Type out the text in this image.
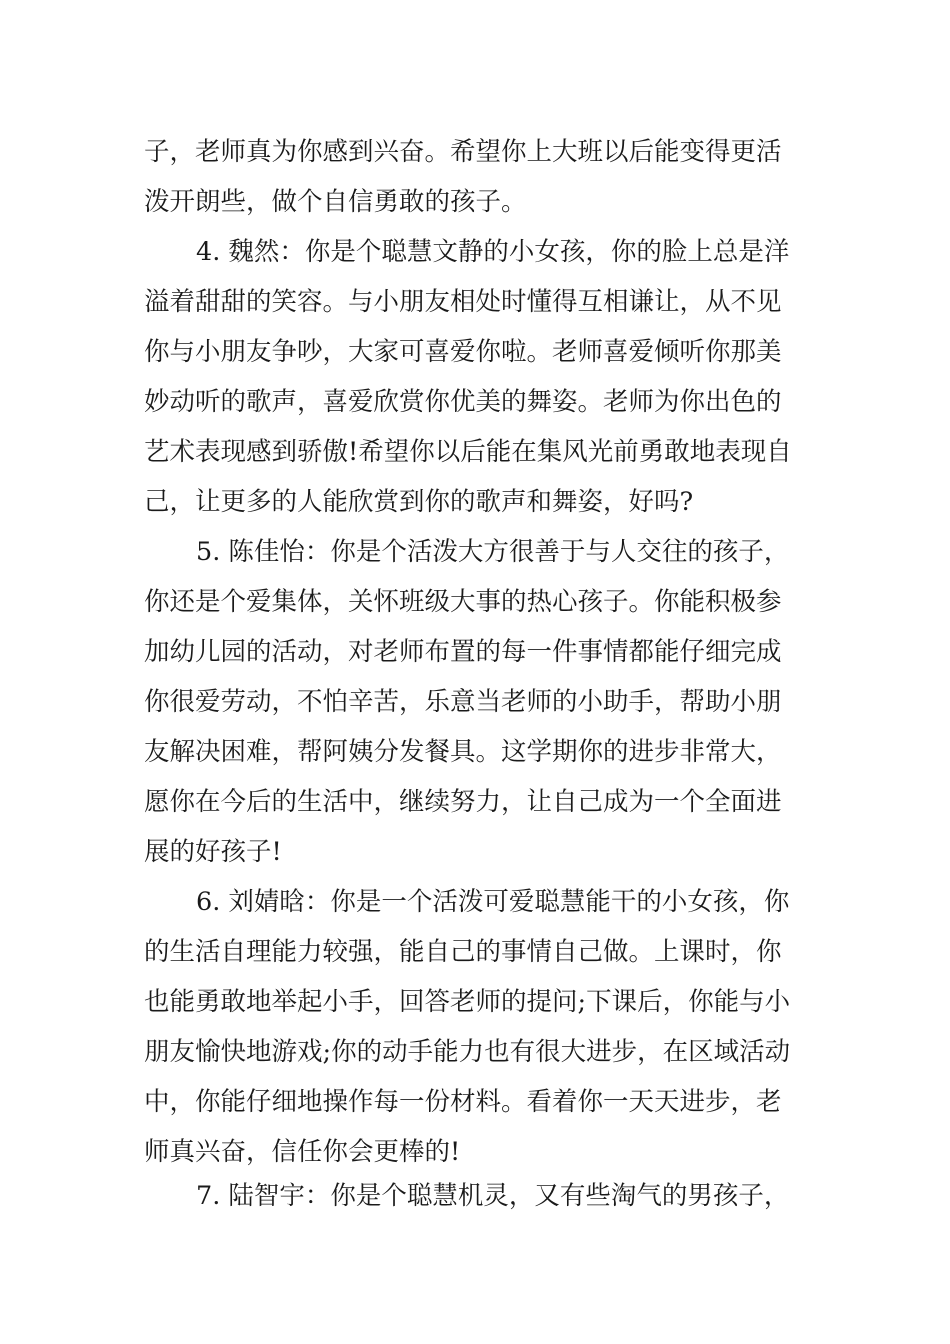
子，老师真为你感到兴奋。希望你上大班以后能变得更活
泼开朗些，做个自信勇敢的孩子。
4. 魏然：你是个聪慧文静的小女孩，你的脸上总是洋
溢着甜甜的笑容。与小朋友相处时懂得互相谦让，从不见
你与小朋友争吵，大家可喜爱你啦。老师喜爱倾听你那美
妙动听的歌声，喜爱欣赏你优美的舞姿。老师为你出色的
艺术表现感到骄傲!希望你以后能在集风光前勇敢地表现自
己，让更多的人能欣赏到你的歌声和舞姿，好吗?
5. 陈佳怡：你是个活泼大方很善于与人交往的孩子，
你还是个爱集体，关怀班级大事的热心孩子。你能积极参
加幼儿园的活动，对老师布置的每一件事情都能仔细完成
你很爱劳动，不怕辛苦，乐意当老师的小助手，帮助小朋
友解决困难，帮阿姨分发餐具。这学期你的进步非常大，
愿你在今后的生活中，继续努力，让自己成为一个全面进
展的好孩子!
6. 刘婧晗：你是一个活泼可爱聪慧能干的小女孩，你
的生活自理能力较强，能自己的事情自己做。上课时，你
也能勇敢地举起小手，回答老师的提问;下课后，你能与小
朋友愉快地游戏;你的动手能力也有很大进步，在区域活动
中，你能仔细地操作每一份材料。看着你一天天进步，老
师真兴奋，信任你会更棒的!
7. 陆智宇：你是个聪慧机灵，又有些淘气的男孩子，
